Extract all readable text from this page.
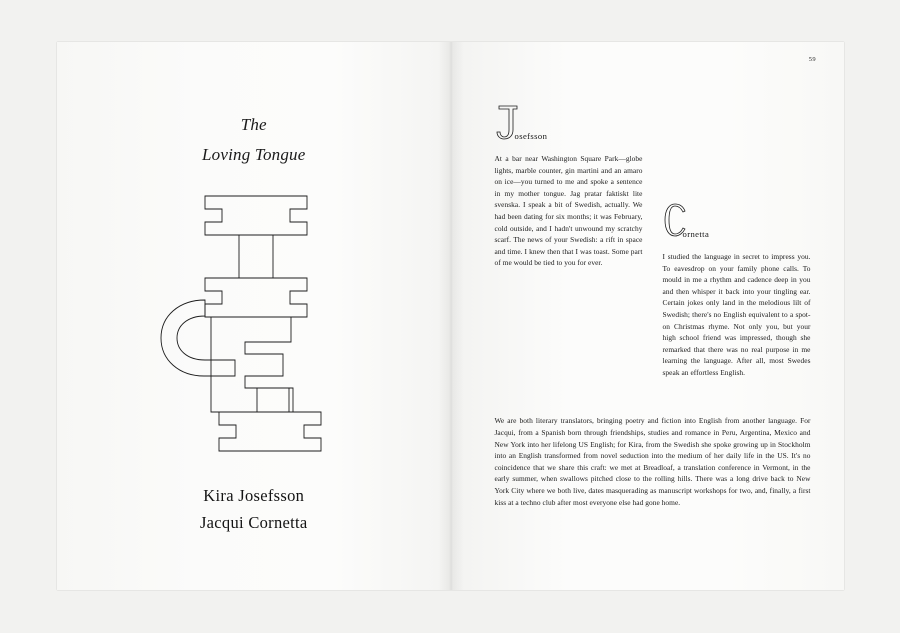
The
Loving Tongue
Kira Josefsson
Jacqui Cornetta
59
osefsson

At a bar near Washington Square Park—globe lights, marble counter, gin martini and an amaro on ice—you turned to me and spoke a sentence in my mother tongue. Jag pratar faktiskt lite svenska. I speak a bit of Swedish, actually. We had been dating for six months; it was February, cold outside, and I hadn't unwound my scratchy scarf. The news of your Swedish: a rift in space and time. I knew then that I was toast. Some part of me would be tied to you for ever.

ornetta

I studied the language in secret to impress you. To eavesdrop on your family phone calls. To mould in me a rhythm and cadence deep in you and then whisper it back into your tingling ear. Certain jokes only land in the melodious lilt of Swedish; there's no English equivalent to a spot-on Christmas rhyme. Not only you, but your high school friend was impressed, though she remarked that there was no real purpose in me learning the language. After all, most Swedes speak an effortless English.

We are both literary translators, bringing poetry and fiction into English from another language. For Jacqui, from a Spanish born through friendships, studies and romance in Peru, Argentina, Mexico and New York into her lifelong US English; for Kira, from the Swedish she spoke growing up in Stockholm into an English transformed from novel seduction into the medium of her daily life in the US. It's no coincidence that we share this craft: we met at Breadloaf, a translation conference in Vermont, in the early summer, when swallows pitched close to the rolling hills. There was a long drive back to New York City where we both live, dates masquerading as manuscript workshops for two, and, finally, a first kiss at a techno club after most everyone else had gone home.
